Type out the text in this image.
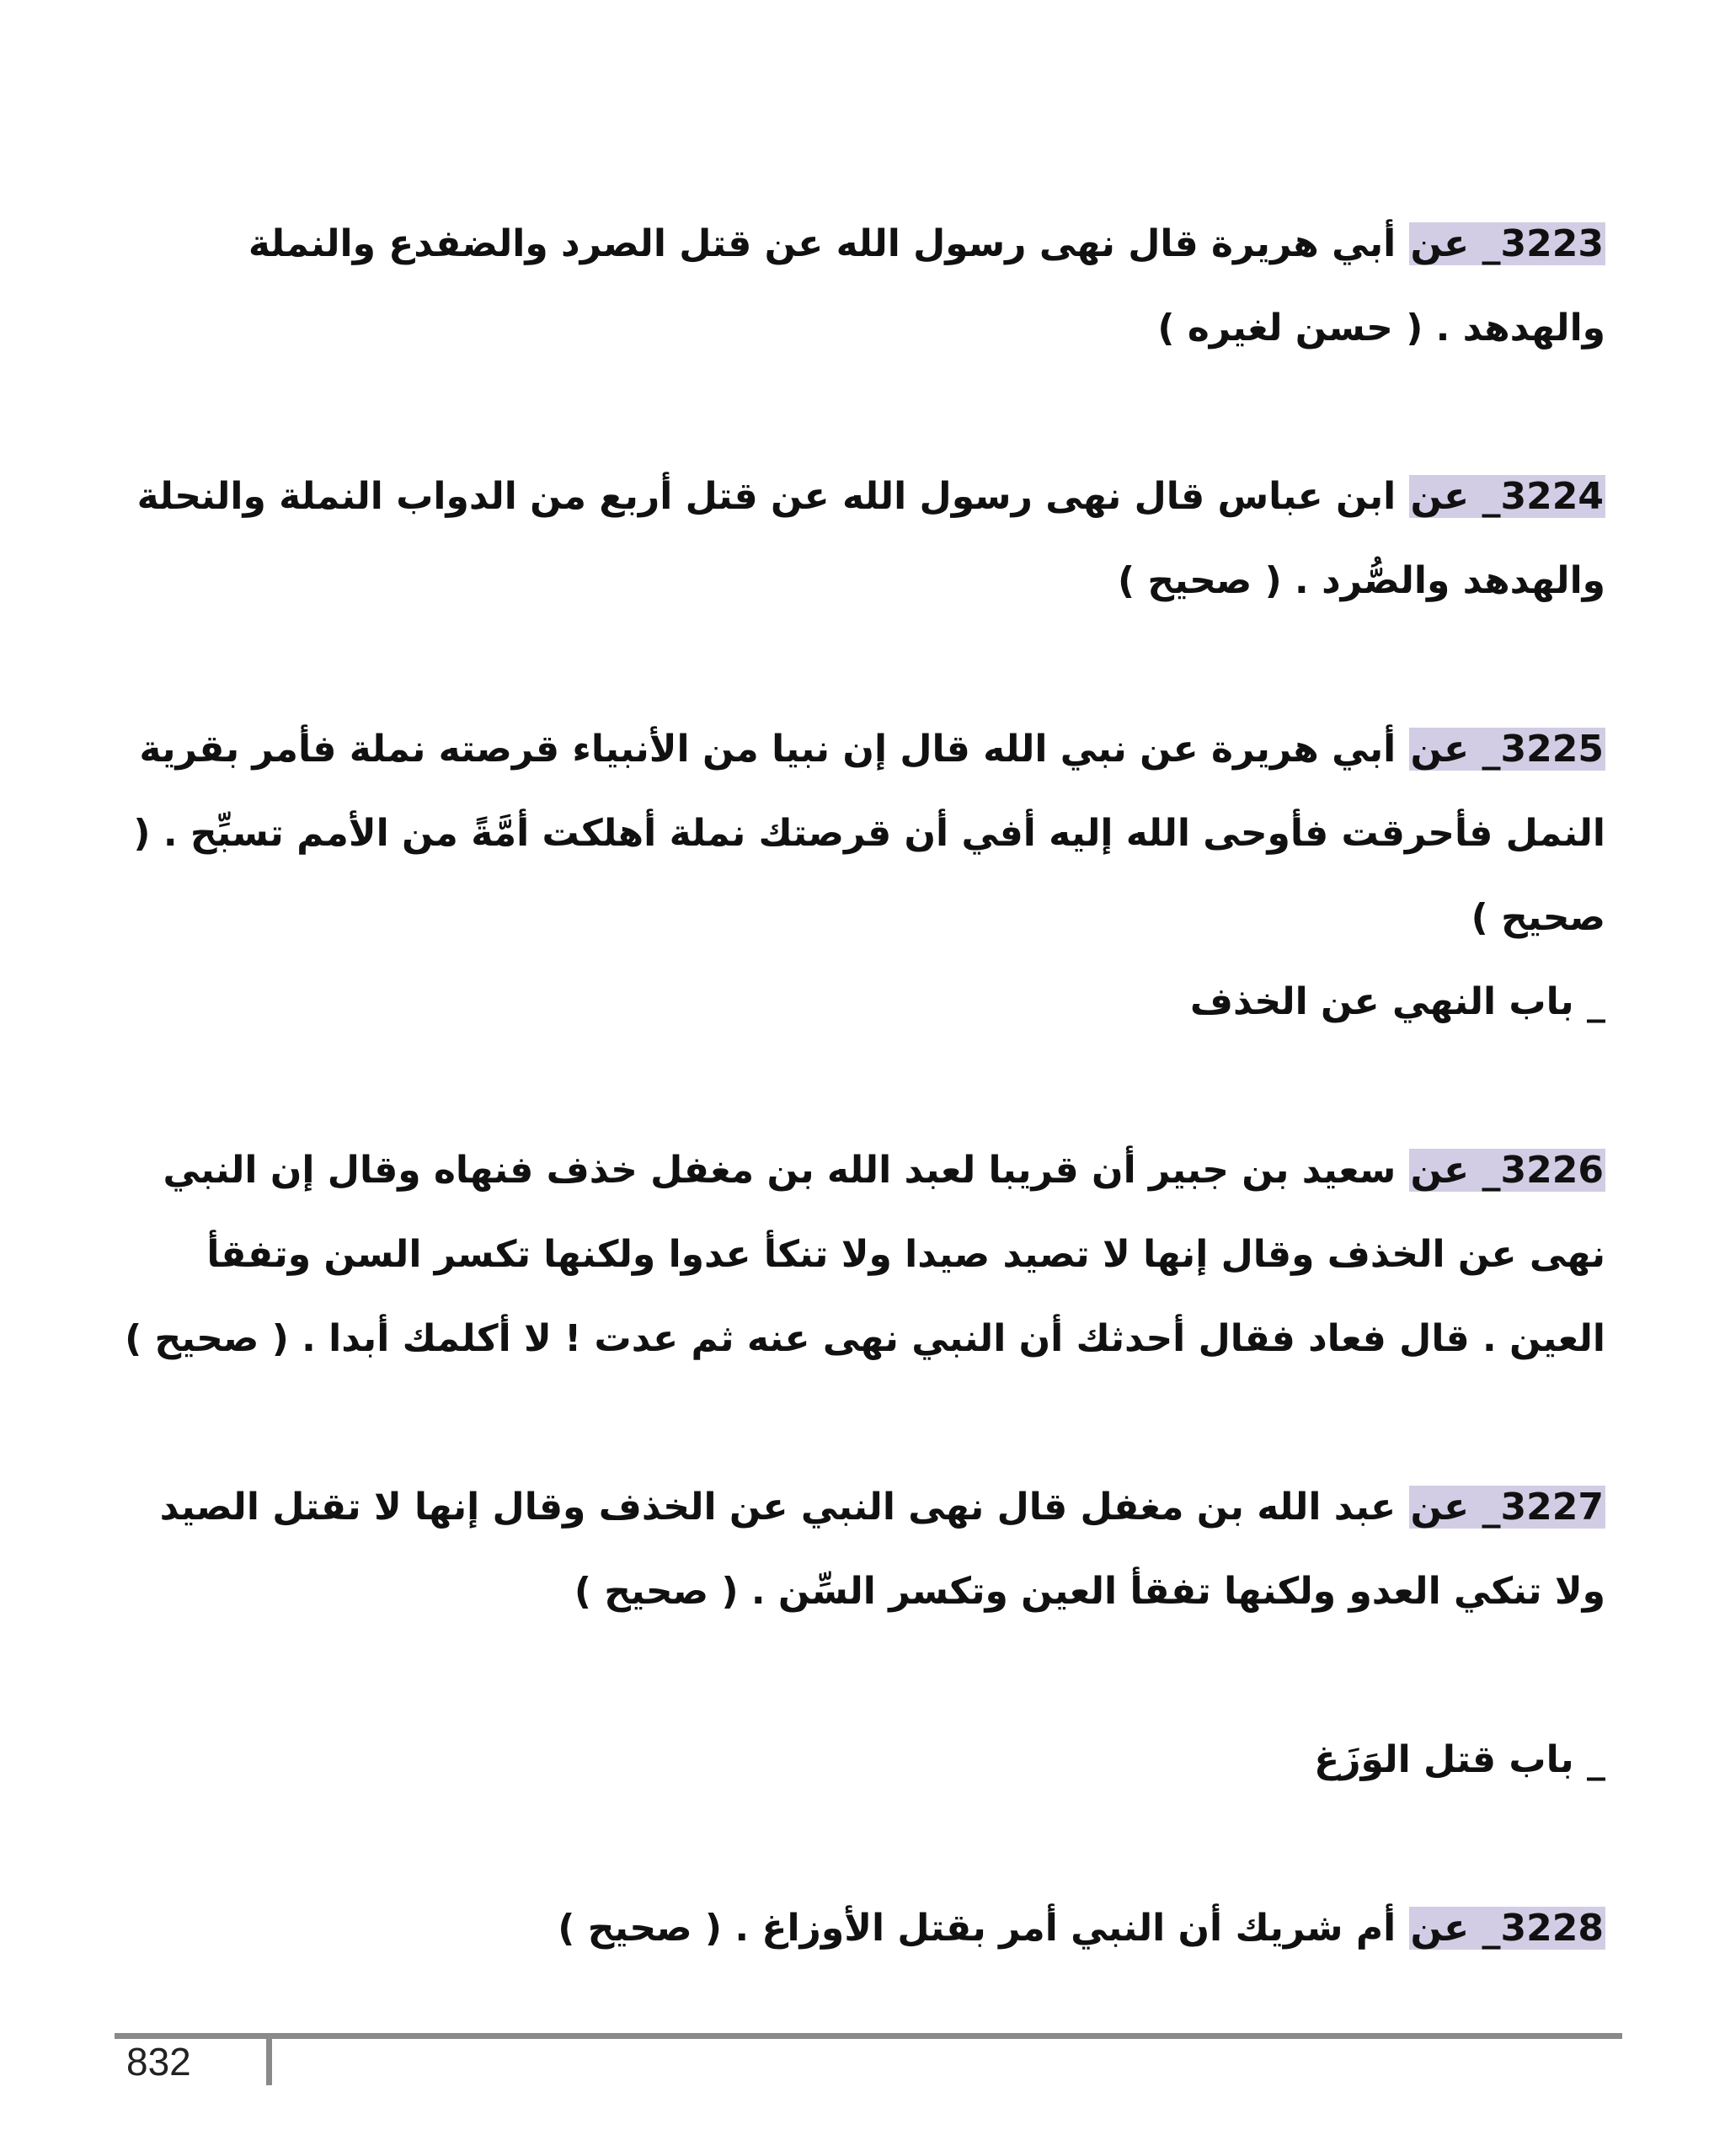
3223_ عن أبي هريرة قال نهى رسول الله عن قتل الصرد والضفدع والنملة والهدهد . ( حسن لغيره )

3224_ عن ابن عباس قال نهى رسول الله عن قتل أربع من الدواب النملة والنحلة والهدهد والصُّرد . ( صحيح )

3225_ عن أبي هريرة عن نبي الله قال إن نبيا من الأنبياء قرصته نملة فأمر بقرية النمل فأحرقت فأوحى الله إليه أفي أن قرصتك نملة أهلكت أمَّةً من الأمم تسبِّح . ( صحيح )

_ باب النهي عن الخذف

3226_ عن سعيد بن جبير أن قريبا لعبد الله بن مغفل خذف فنهاه وقال إن النبي نهى عن الخذف وقال إنها لا تصيد صيدا ولا تنكأ عدوا ولكنها تكسر السن وتفقأ العين . قال فعاد فقال أحدثك أن النبي نهى عنه ثم عدت ! لا أكلمك أبدا . ( صحيح )

3227_ عن عبد الله بن مغفل قال نهى النبي عن الخذف وقال إنها لا تقتل الصيد ولا تنكي العدو ولكنها تفقأ العين وتكسر السِّن . ( صحيح )

_ باب قتل الوَزَغ

3228_ عن أم شريك أن النبي أمر بقتل الأوزاغ . ( صحيح )

832
